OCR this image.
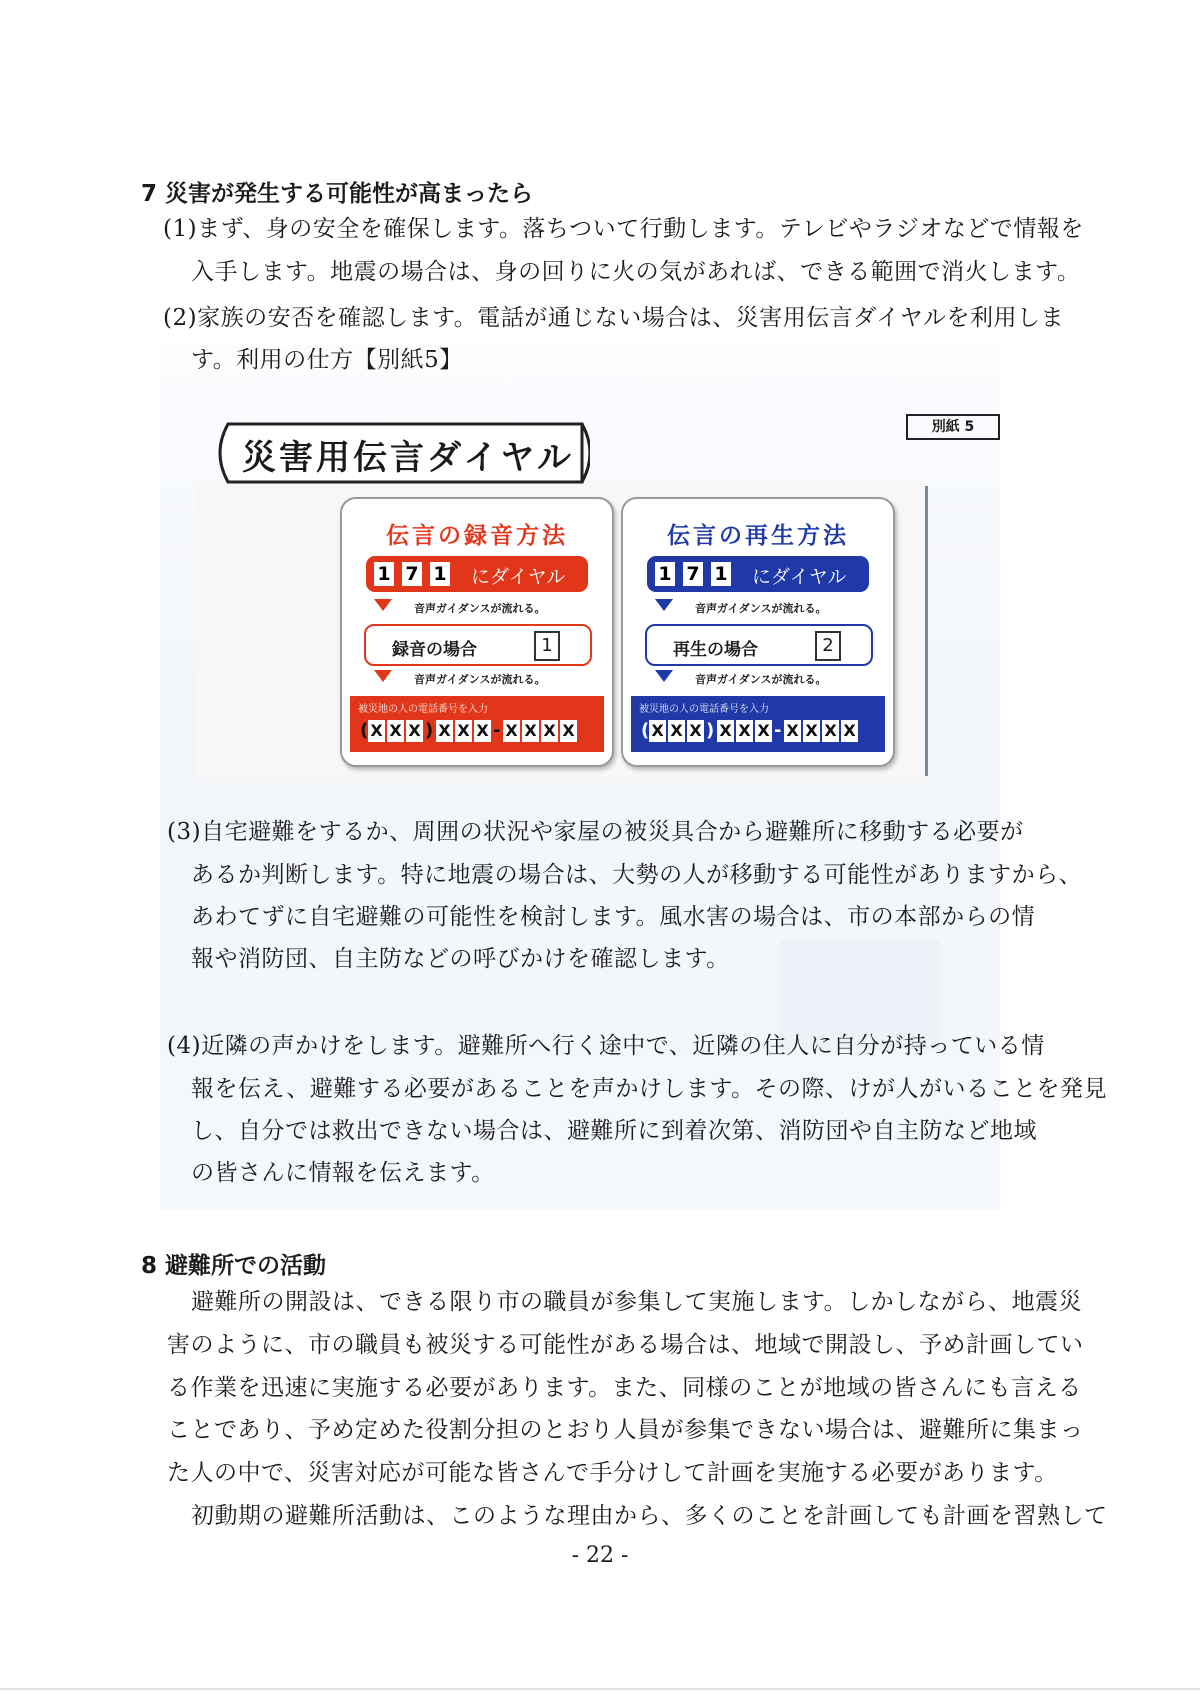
7 災害が発生する可能性が高まったら
(1)まず、身の安全を確保します。落ちついて行動します。テレビやラジオなどで情報を
入手します。地震の場合は、身の回りに火の気があれば、できる範囲で消火します。
(2)家族の安否を確認します。電話が通じない場合は、災害用伝言ダイヤルを利用しま
す。利用の仕方【別紙5】
災害用伝言ダイヤル
別紙 5
伝言の録音方法
1 7 1 にダイヤル
音声ガイダンスが流れる。
録音の場合	1
音声ガイダンスが流れる。
被災地の人の電話番号を入力
( X X X ) X X X - X X X X
伝言の再生方法
1 7 1 にダイヤル
音声ガイダンスが流れる。
再生の場合	2
音声ガイダンスが流れる。
被災地の人の電話番号を入力
( X X X ) X X X - X X X X
(3)自宅避難をするか、周囲の状況や家屋の被災具合から避難所に移動する必要が
あるか判断します。特に地震の場合は、大勢の人が移動する可能性がありますから、
あわてずに自宅避難の可能性を検討します。風水害の場合は、市の本部からの情
報や消防団、自主防などの呼びかけを確認します。
(4)近隣の声かけをします。避難所へ行く途中で、近隣の住人に自分が持っている情
報を伝え、避難する必要があることを声かけします。その際、けが人がいることを発見
し、自分では救出できない場合は、避難所に到着次第、消防団や自主防など地域
の皆さんに情報を伝えます。
8 避難所での活動
避難所の開設は、できる限り市の職員が参集して実施します。しかしながら、地震災
害のように、市の職員も被災する可能性がある場合は、地域で開設し、予め計画してい
る作業を迅速に実施する必要があります。また、同様のことが地域の皆さんにも言える
ことであり、予め定めた役割分担のとおり人員が参集できない場合は、避難所に集まっ
た人の中で、災害対応が可能な皆さんで手分けして計画を実施する必要があります。
初動期の避難所活動は、このような理由から、多くのことを計画しても計画を習熟して
- 22 -
